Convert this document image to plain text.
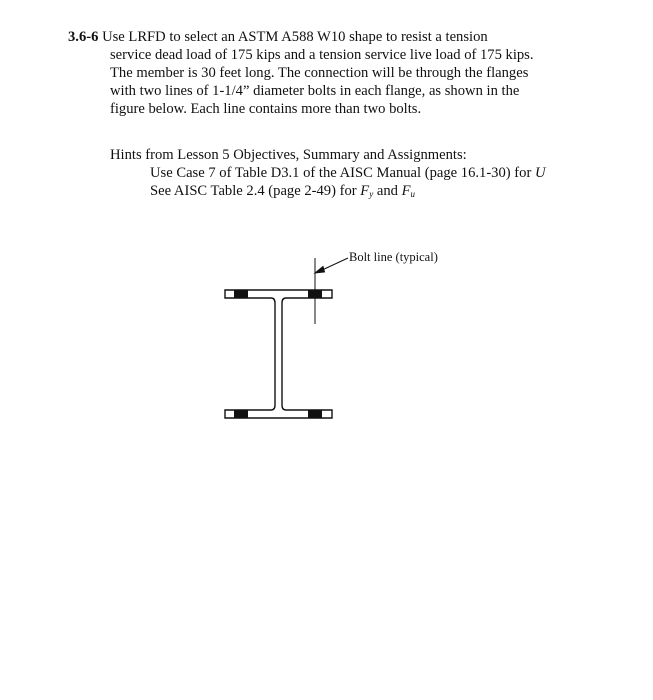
3.6-6 Use LRFD to select an ASTM A588 W10 shape to resist a tension
service dead load of 175 kips and a tension service live load of 175 kips.
The member is 30 feet long. The connection will be through the flanges
with two lines of 1-1/4” diameter bolts in each flange, as shown in the
figure below. Each line contains more than two bolts.
Hints from Lesson 5 Objectives, Summary and Assignments:
Use Case 7 of Table D3.1 of the AISC Manual (page 16.1-30) for U
See AISC Table 2.4 (page 2-49) for $F_y$ and $F_u$
Bolt line (typical)
